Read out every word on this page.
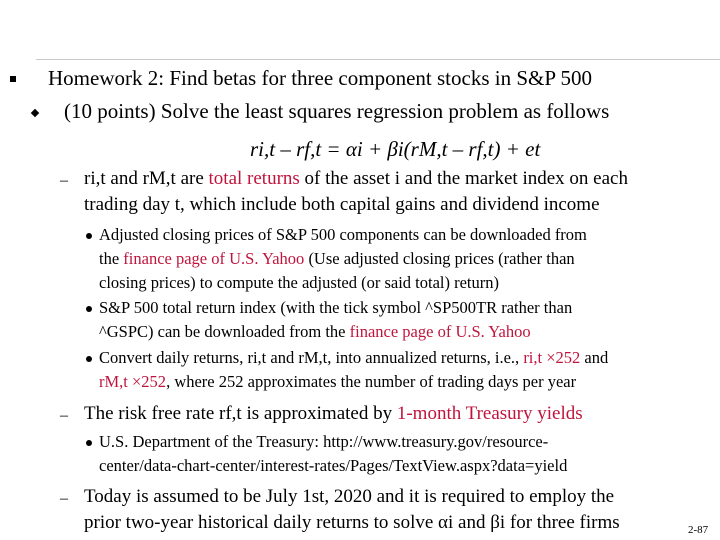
Homework 2: Find betas for three component stocks in S&P 500
(10 points) Solve the least squares regression problem as follows
ri,t – rf,t = αi + βi(rM,t – rf,t) + et
– ri,t and rM,t are total returns of the asset i and the market index on each
trading day t, which include both capital gains and dividend income
Adjusted closing prices of S&P 500 components can be downloaded from
the finance page of U.S. Yahoo (Use adjusted closing prices (rather than
closing prices) to compute the adjusted (or said total) return)
S&P 500 total return index (with the tick symbol ^SP500TR rather than
^GSPC) can be downloaded from the finance page of U.S. Yahoo
Convert daily returns, ri,t and rM,t, into annualized returns, i.e., ri,t ×252 and
rM,t ×252, where 252 approximates the number of trading days per year
– The risk free rate rf,t is approximated by 1-month Treasury yields
U.S. Department of the Treasury: http://www.treasury.gov/resource-
center/data-chart-center/interest-rates/Pages/TextView.aspx?data=yield
– Today is assumed to be July 1st, 2020 and it is required to employ the
prior two-year historical daily returns to solve αi and βi for three firms	2-87
